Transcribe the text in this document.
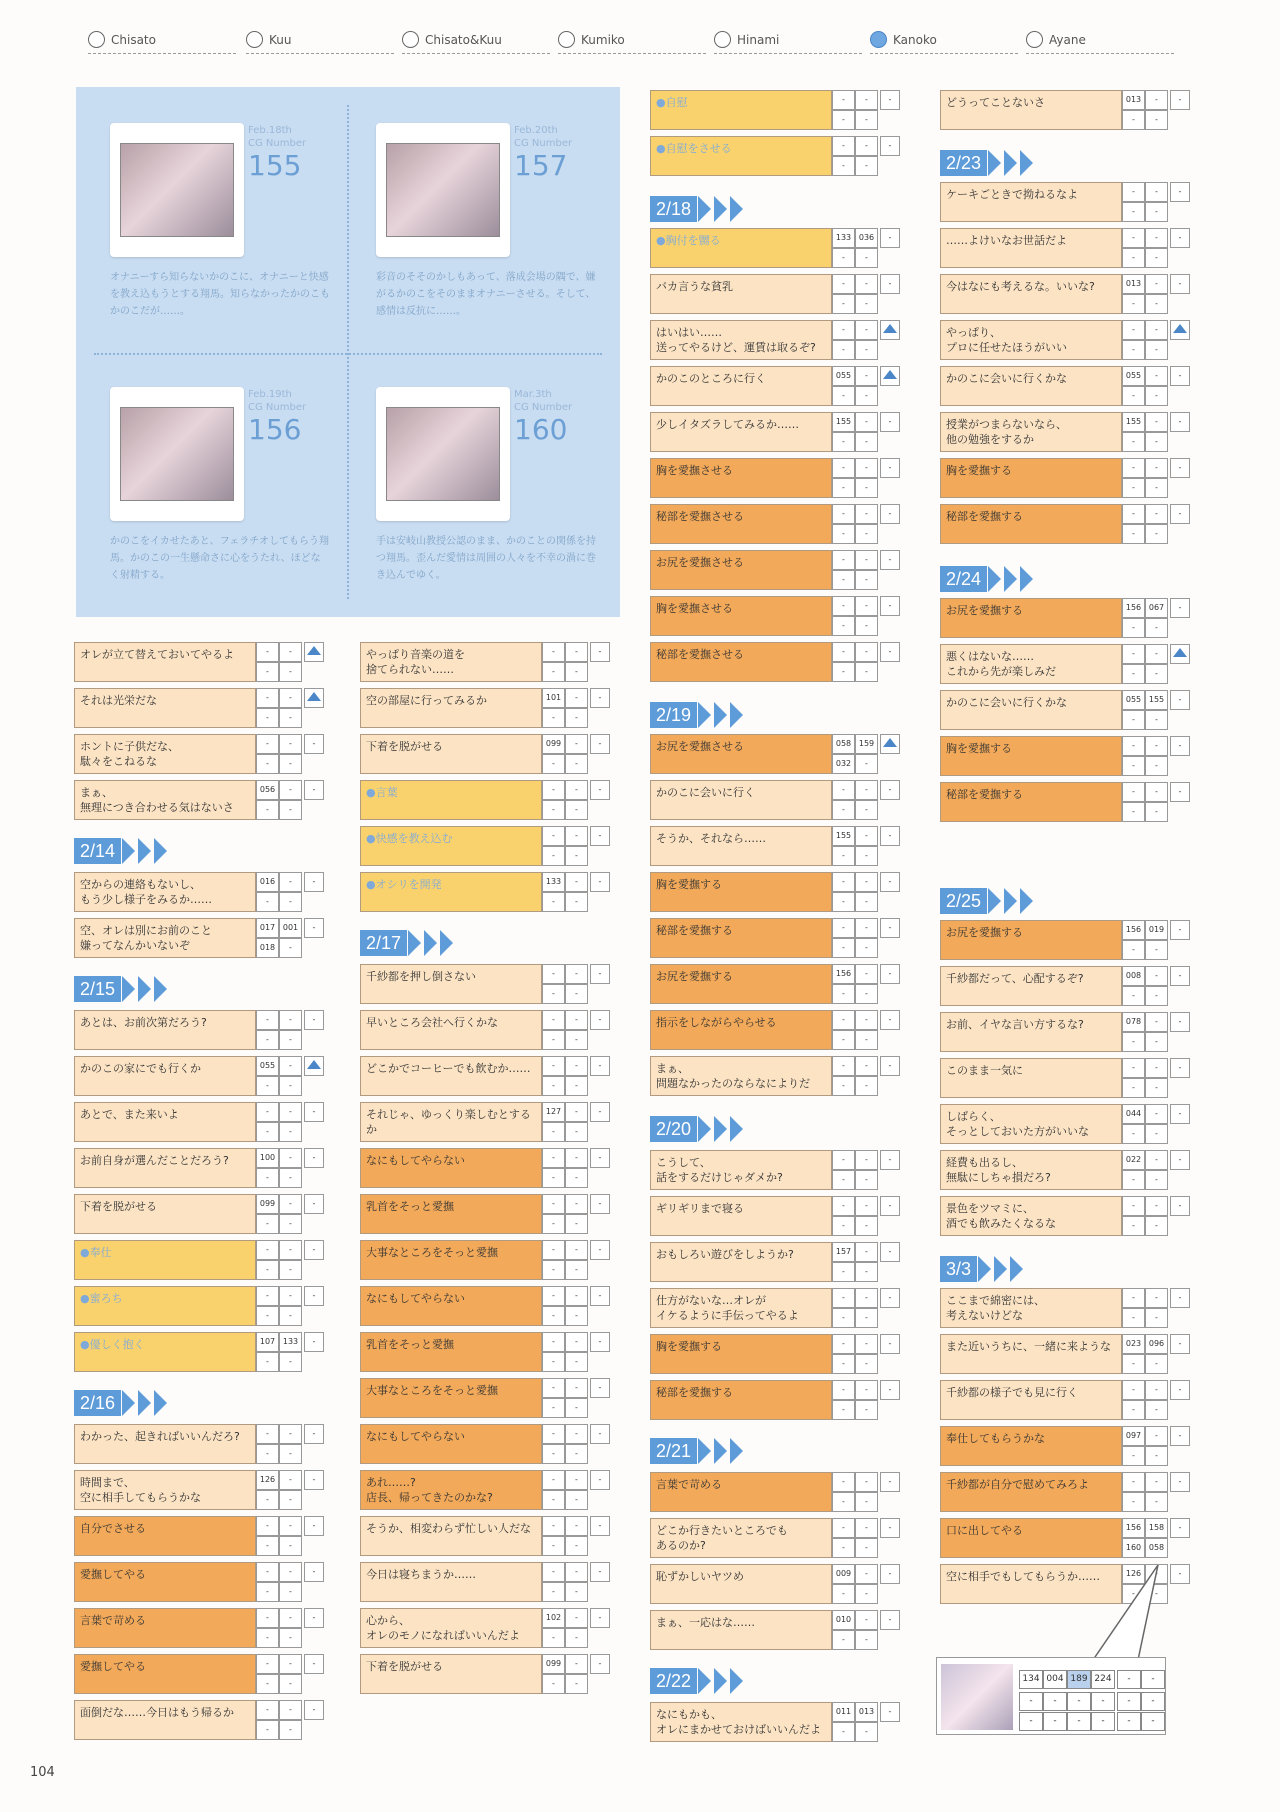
Chisato	Kuu	Chisato&Kuu	Kumiko	Hinami	Kanoko	Ayane
Feb.18th
CG Number
155
オナニーすら知らないかのこに、オナニーと快感を教え込もうとする翔馬。知らなかったかのこもかのこだが……。
Feb.20th
CG Number
157
彩音のそそのかしもあって、落成会場の隅で、嫌がるかのこをそのままオナニーさせる。そして、感情は反抗に……。
Feb.19th
CG Number
156
かのこをイカせたあと、フェラチオしてもらう翔馬。かのこの一生懸命さに心をうたれ、ほどなく射精する。
Mar.3th
CG Number
160
手は安岐山教授公認のまま、かのことの関係を持つ翔馬。歪んだ愛情は周囲の人々を不幸の渦に巻き込んでゆく。
オレが立て替えておいてやるよ	-	-
-	-
それは光栄だな	-	-
-	-
ホントに子供だな、
駄々をこねるな
-	-
-	-
-
まぁ、
無理につき合わせる気はないさ
056	-
-	-
-
2/14
空からの連絡もないし、
もう少し様子をみるか……
016	-
-	-
-
空、オレは別にお前のこと
嫌ってなんかいないぞ
017 001
018	-
-
2/15
あとは、お前次第だろう?	-	-
-	-
-
かのこの家にでも行くか	055	-
-	-
あとで、また来いよ	-	-
-	-
-
お前自身が選んだことだろう?	100	-
-	-
-
下着を脱がせる	099	-
-	-
-
●奉仕	-	-
-	-
-
●蜜ろち	-	-
-	-
-
●優しく抱く	107 133
-	-
-
2/16
わかった、起きればいいんだろ?	-	-
-	-
-
時間まで、
空に相手してもらうかな
126	-
-	-
-
自分でさせる	-	-
-	-
-
愛撫してやる	-	-
-	-
-
言葉で苛める	-	-
-	-
-
愛撫してやる	-	-
-	-
-
面倒だな……今日はもう帰るか	-	-
-	-
-
やっぱり音楽の道を
捨てられない……
-	-
-	-
-
空の部屋に行ってみるか	101	-
-	-
-
下着を脱がせる	099	-
-	-
-
●言葉	-	-
-	-
-
●快感を教え込む	-	-
-	-
-
●オシリを開発	133	-
-	-
-
2/17
千紗都を押し倒さない	-	-
-	-
-
早いところ会社へ行くかな	-	-
-	-
-
どこかでコーヒーでも飲むか……	-	-
-	-
-
それじゃ、ゆっくり楽しむとするか
127	-
-	-
-
なにもしてやらない	-	-
-	-
-
乳首をそっと愛撫	-	-
-	-
-
大事なところをそっと愛撫	-	-
-	-
-
なにもしてやらない	-	-
-	-
-
乳首をそっと愛撫	-	-
-	-
-
大事なところをそっと愛撫	-	-
-	-
-
なにもしてやらない	-	-
-	-
-
あれ……?
店長、帰ってきたのかな?
-	-
-	-
-
そうか、相変わらず忙しい人だな	-	-
-	-
-
今日は寝ちまうか……	-	-
-	-
-
心から、
オレのモノになればいいんだよ
102	-
-	-
-
下着を脱がせる	099	-
-	-
-
●自慰	-	-
-	-
-
●自慰をさせる	-	-
-	-
-
2/18
●胸付を嬲る	133 036
-	-
-
バカ言うな貧乳	-	-
-	-
-
はいはい……
送ってやるけど、運賃は取るぞ?
-	-
-	-
かのこのところに行く	055	-
-	-
少しイタズラしてみるか……	155	-
-	-
-
胸を愛撫させる	-	-
-	-
-
秘部を愛撫させる	-	-
-	-
-
お尻を愛撫させる	-	-
-	-
-
胸を愛撫させる	-	-
-	-
-
秘部を愛撫させる	-	-
-	-
-
2/19
お尻を愛撫させる	058 159
032	-
かのこに会いに行く	-	-
-	-
-
そうか、それなら……	155	-
-	-
-
胸を愛撫する	-	-
-	-
-
秘部を愛撫する	-	-
-	-
-
お尻を愛撫する	156	-
-	-
-
指示をしながらやらせる	-	-
-	-
-
まぁ、
問題なかったのならなによりだ
-	-
-	-
-
2/20
こうして、
話をするだけじゃダメか?
-	-
-	-
-
ギリギリまで寝る	-	-
-	-
-
おもしろい遊びをしようか?	157	-
-	-
-
仕方がないな…オレが
イケるように手伝ってやるよ
-	-
-	-
-
胸を愛撫する	-	-
-	-
-
秘部を愛撫する	-	-
-	-
-
2/21
言葉で苛める	-	-
-	-
-
どこか行きたいところでも
あるのか?
-	-
-	-
-
恥ずかしいヤツめ	009	-
-	-
-
まぁ、一応はな……	010	-
-	-
-
2/22
なにもかも、
オレにまかせておけばいいんだよ
011 013
-	-
-
どうってことないさ	013	-
-	-
-
2/23
ケーキごときで拗ねるなよ	-	-
-	-
-
……よけいなお世話だよ	-	-
-	-
-
今はなにも考えるな。いいな?	013	-
-	-
-
やっぱり、
プロに任せたほうがいい
-	-
-	-
かのこに会いに行くかな	055	-
-	-
-
授業がつまらないなら、
他の勉強をするか
155	-
-	-
-
胸を愛撫する	-	-
-	-
-
秘部を愛撫する	-	-
-	-
-
2/24
お尻を愛撫する	156 067
-	-
-
悪くはないな……
これから先が楽しみだ
-	-
-	-
かのこに会いに行くかな	055 155
-	-
-
胸を愛撫する	-	-
-	-
-
秘部を愛撫する	-	-
-	-
-
2/25
お尻を愛撫する	156 019
-	-
-
千紗都だって、心配するぞ?	008	-
-	-
-
お前、イヤな言い方するな?	078	-
-	-
-
このまま一気に	-	-
-	-
-
しばらく、
そっとしておいた方がいいな
044	-
-	-
-
経費も出るし、
無駄にしちゃ損だろ?
022	-
-	-
-
景色をツマミに、
酒でも飲みたくなるな
-	-
-	-
-
3/3
ここまで綿密には、
考えないけどな
-	-
-	-
-
また近いうちに、一緒に来ような	023 096
-	-
-
千紗都の様子でも見に行く	-	-
-	-
-
奉仕してもらうかな	097	-
-	-
-
千紗都が自分で慰めてみろよ	-	-
-	-
-
口に出してやる	156 158
160 058
-
空に相手でもしてもらうか……	126
-	-
-
134 004 189 224	-	-
-	-	-	-	-	-
-	-	-	-	-	-
104
